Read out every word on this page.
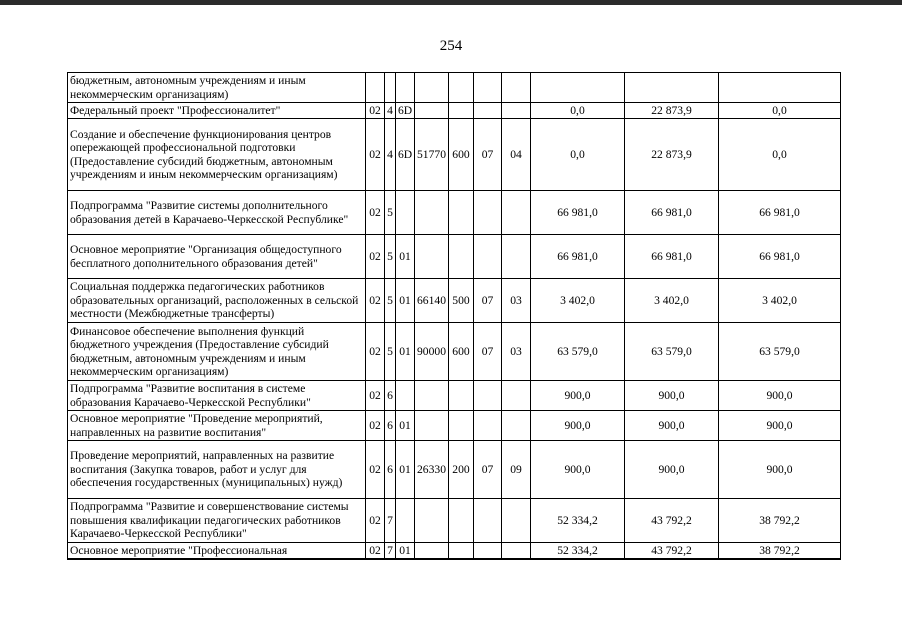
254
бюджетным, автономным учреждениям и иным некоммерческим организациям)										
Федеральный проект "Профессионалитет"	02	4	6D					0,0	22 873,9	0,0
Создание и обеспечение функционирования центров опережающей профессиональной подготовки (Предоставление субсидий бюджетным, автономным учреждениям и иным некоммерческим организациям)	02	4	6D	51770	600	07	04	0,0	22 873,9	0,0
Подпрограмма "Развитие системы дополнительного образования детей в Карачаево-Черкесской Республике"	02	5						66 981,0	66 981,0	66 981,0
Основное мероприятие "Организация общедоступного бесплатного дополнительного образования детей"	02	5	01					66 981,0	66 981,0	66 981,0
Социальная поддержка педагогических работников образовательных организаций, расположенных в сельской местности (Межбюджетные трансферты)	02	5	01	66140	500	07	03	3 402,0	3 402,0	3 402,0
Финансовое обеспечение выполнения функций бюджетного учреждения (Предоставление субсидий бюджетным, автономным учреждениям и иным некоммерческим организациям)	02	5	01	90000	600	07	03	63 579,0	63 579,0	63 579,0
Подпрограмма "Развитие воспитания в системе образования Карачаево-Черкесской Республики"	02	6						900,0	900,0	900,0
Основное мероприятие "Проведение мероприятий, направленных на развитие воспитания"	02	6	01					900,0	900,0	900,0
Проведение мероприятий, направленных на развитие воспитания (Закупка товаров, работ и услуг для обеспечения государственных (муниципальных) нужд)	02	6	01	26330	200	07	09	900,0	900,0	900,0
Подпрограмма "Развитие и совершенствование системы повышения квалификации педагогических работников Карачаево-Черкесской Республики"	02	7						52 334,2	43 792,2	38 792,2
Основное мероприятие "Профессиональная	02	7	01					52 334,2	43 792,2	38 792,2
